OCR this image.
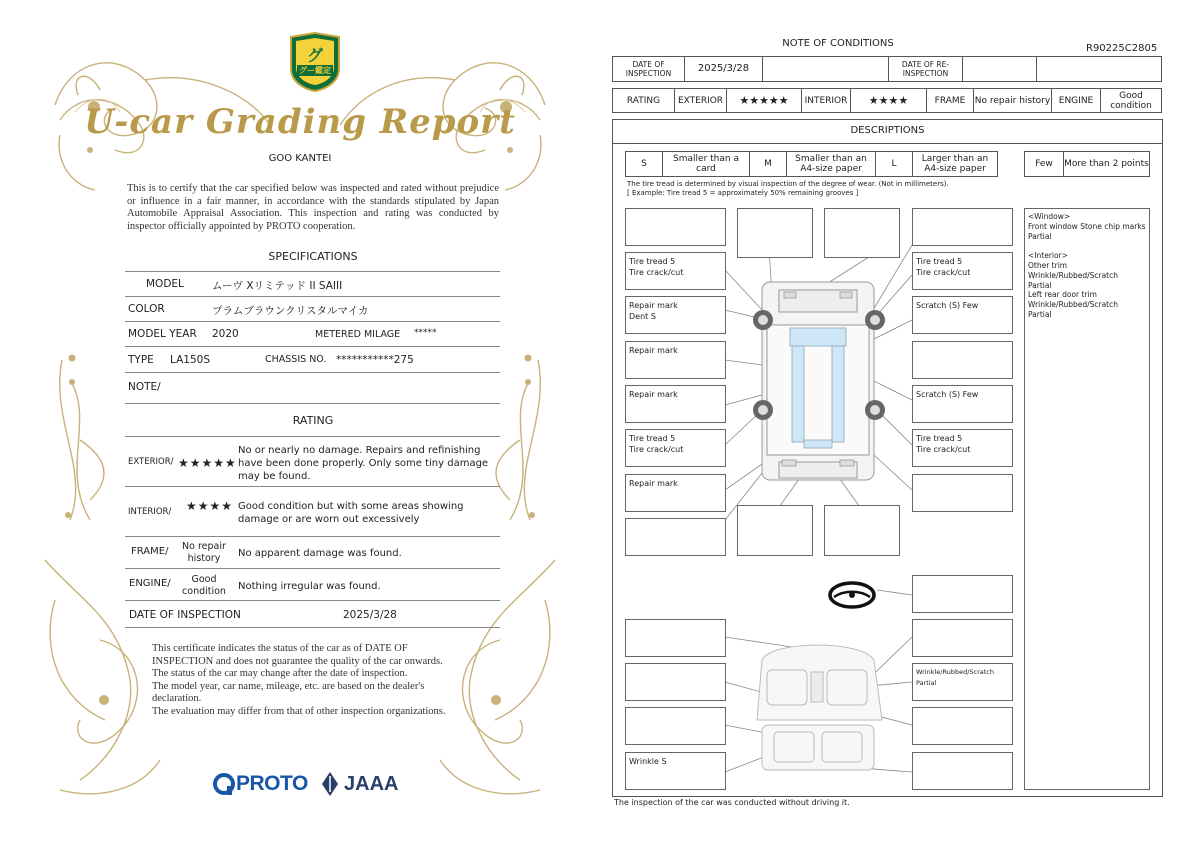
グ
グー鑑定
U-car Grading Report
GOO KANTEI
This is to certify that the car specified below was inspected and rated without prejudice or influence in a fair manner, in accordance with the standards stipulated by Japan Automobile Appraisal Association. This inspection and rating was conducted by inspector officially appointed by PROTO cooperation.
SPECIFICATIONS
MODEL	ムーヴ Xリミテッド II SAIII
COLOR	プラムブラウンクリスタルマイカ
MODEL YEAR 2020	METERED MILAGE *****
TYPE LA150S	CHASSIS NO. ***********275
NOTE/
RATING
EXTERIOR/ ★★★★★
No or nearly no damage. Repairs and refinishing have been done properly. Only some tiny damage may be found.
INTERIOR/ ★★★★ Good condition but with some areas showing damage or are worn out excessively
FRAME/	No repair history	No apparent damage was found.
ENGINE/	Good condition	Nothing irregular was found.
DATE OF INSPECTION	2025/3/28
This certificate indicates the status of the car as of DATE OF
INSPECTION and does not guarantee the quality of the car onwards.
The status of the car may change after the date of inspection.
The model year, car name, mileage, etc. are based on the dealer's
declaration.
The evaluation may differ from that of other inspection organizations.
PROTO JAAA
NOTE OF CONDITIONS	R90225C2805
DATE OF INSPECTION	2025/3/28	DATE OF RE-INSPECTION
RATING	EXTERIOR	★★★★★	INTERIOR	★★★★	FRAME	No repair history ENGINE	Good condition
DESCRIPTIONS
S	Smaller than a card	M	Smaller than an A4-size paper	L	Larger than an A4-size paper	Few	More than 2 points
The tire tread is determined by visual inspection of the degree of wear. (Not in millimeters).
[ Example: Tire tread 5 = approximately 50% remaining grooves ]
Tire tread 5
Tire crack/cut
Repair mark
Dent S
Repair mark
Repair mark
Tire tread 5
Tire crack/cut
Repair mark
Tire tread 5
Tire crack/cut
Scratch (S) Few
Scratch (S) Few
Tire tread 5
Tire crack/cut
Wrinkle/Rubbed/Scratch Partial
Wrinkle S
<Window>
Front window Stone chip marks
Partial

<Interior>
Other trim
Wrinkle/Rubbed/Scratch
Partial
Left rear door trim
Wrinkle/Rubbed/Scratch
Partial
The inspection of the car was conducted without driving it.
